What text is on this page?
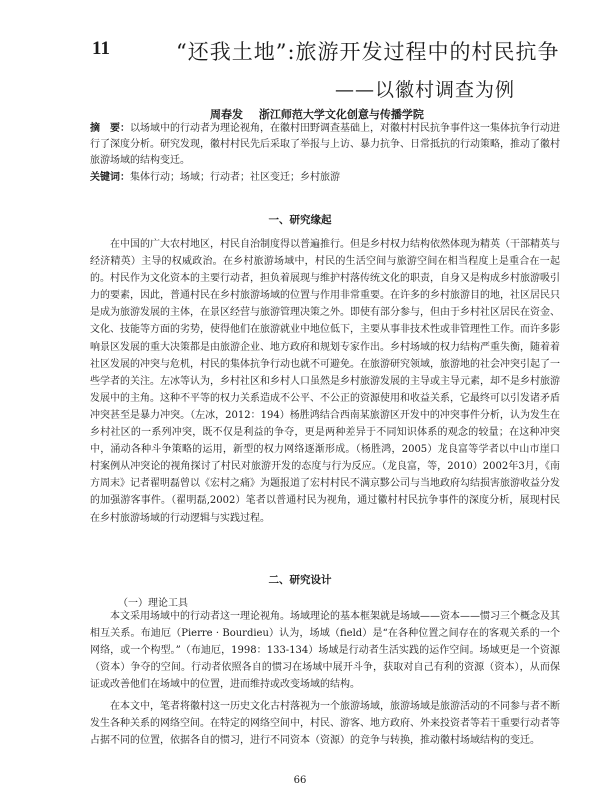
11	“还我土地”:旅游开发过程中的村民抗争
——以徽村调查为例
周春发 浙江师范大学文化创意与传播学院
摘　要：以场域中的行动者为理论视角，在徽村田野调查基础上，对徽村村民抗争事件这一集体抗争行动进行了深度分析。研究发现，徽村村民先后采取了举报与上访、暴力抗争、日常抵抗的行动策略，推动了徽村旅游场域的结构变迁。
关键词：集体行动；场域；行动者；社区变迁；乡村旅游
一、研究缘起
在中国的广大农村地区，村民自治制度得以普遍推行。但是乡村权力结构依然体现为精英（干部精英与经济精英）主导的权威政治。在乡村旅游场域中，村民的生活空间与旅游空间在相当程度上是重合在一起的。村民作为文化资本的主要行动者，担负着展现与维护村落传统文化的职责，自身又是构成乡村旅游吸引力的要素，因此，普通村民在乡村旅游场域的位置与作用非常重要。在许多的乡村旅游目的地，社区居民只是成为旅游发展的主体，在景区经营与旅游管理决策之外。即使有部分参与，但由于乡村社区居民在资金、文化、技能等方面的劣势，使得他们在旅游就业中地位低下，主要从事非技术性或非管理性工作。而许多影响景区发展的重大决策都是由旅游企业、地方政府和规划专家作出。乡村场域的权力结构严重失衡，随着着社区发展的冲突与危机，村民的集体抗争行动也就不可避免。在旅游研究领域，旅游地的社会冲突引起了一些学者的关注。左冰等认为，乡村社区和乡村人口虽然是乡村旅游发展的主导或主导元素，却不是乡村旅游发展中的主角。这种不平等的权力关系造成不公平、不公正的资源使用和收益关系，它最终可以引发诸矛盾冲突甚至是暴力冲突。（左冰，2012：194）杨胜鸿结合西南某旅游区开发中的冲突事件分析，认为发生在乡村社区的一系列冲突，既不仅是利益的争夺，更是两种差异于不同知识体系的观念的较量；在这种冲突中，涌动各种斗争策略的运用，新型的权力网络逐渐形成。（杨胜鸿，2005）龙良富等学者以中山市崖口村案例从冲突论的视角探讨了村民对旅游开发的态度与行为反应。（龙良富，等，2010）2002年3月，《南方周末》记者翟明磊曾以《宏村之痛》为题报道了宏村村民不满京黟公司与当地政府勾结损害旅游收益分发的加强游客事件。（翟明磊,2002）笔者以普通村民为视角，通过徽村村民抗争事件的深度分析，展现村民在乡村旅游场域的行动逻辑与实践过程。
二、研究设计
（一）理论工具
本文采用场域中的行动者这一理论视角。场域理论的基本框架就是场域——资本——惯习三个概念及其相互关系。布迪厄（Pierre · Bourdieu）认为，场域（field）是“在各种位置之间存在的客观关系的一个网络，或一个构型。”（布迪厄，1998：133-134）场域是行动者生活实践的运作空间。场域更是一个资源（资本）争夺的空间。行动者依照各自的惯习在场域中展开斗争，获取对自己有利的资源（资本），从而保证或改善他们在场域中的位置，进而维持或改变场域的结构。
在本文中，笔者将徽村这一历史文化古村落视为一个旅游场域，旅游场域是旅游活动的不同参与者不断发生各种关系的网络空间。在特定的网络空间中，村民、游客、地方政府、外来投资者等若干重要行动者等占据不同的位置，依据各自的惯习，进行不同资本（资源）的竞争与转换，推动徽村场域结构的变迁。
66
